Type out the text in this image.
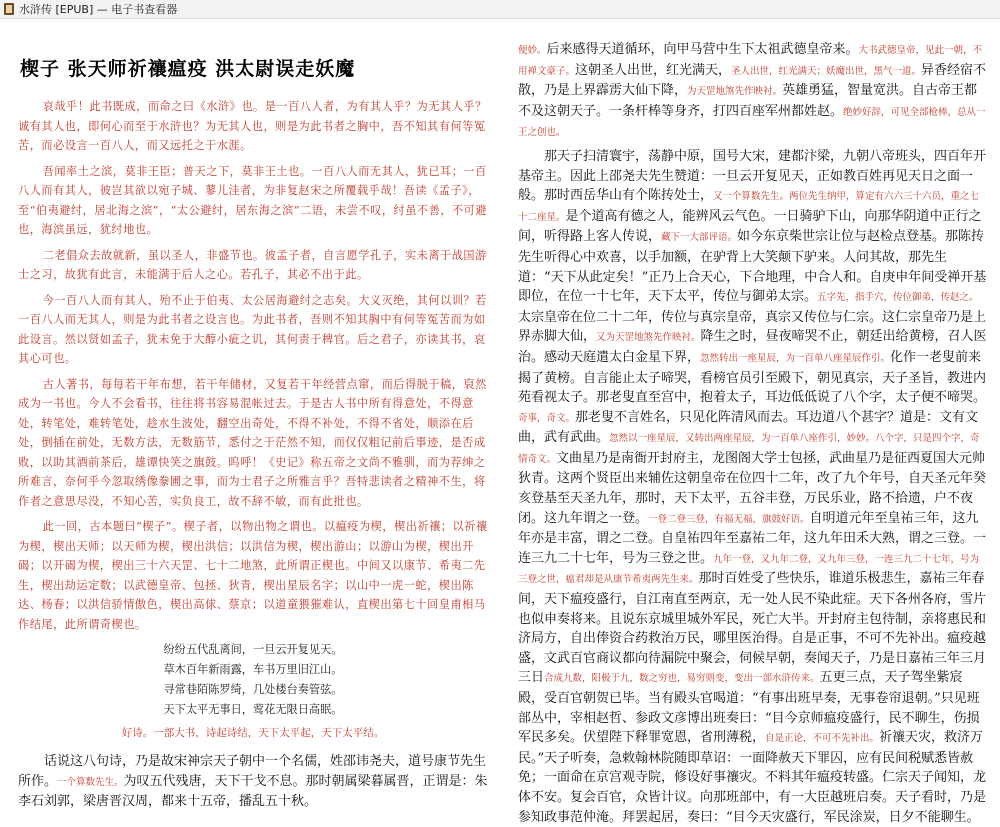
水浒传 [EPUB] — 电子书查看器
楔子 张天师祈禳瘟疫 洪太尉误走妖魔

哀哉乎！此书既成，而命之曰《水浒》也。是一百八人者，为有其人乎？为无其人乎？诚有其人也，即何心而至于水浒也？为无其人也，则是为此书者之胸中，吾不知其有何等冤苦，而必设言一百八人，而又远托之于水涯。

吾闻率土之滨，莫非王臣；普天之下，莫非王土也。一百八人而无其人，犹已耳；一百八人而有其人，彼岂其欲以宛子城、蓼儿洼者，为非复赵宋之所覆载乎哉！吾读《孟子》，至“伯夷避纣，居北海之滨”，“太公避纣，居东海之滨”二语，未尝不叹，纣虽不善，不可避也，海滨虽远，犹纣地也。

二老倡众去故就新，虽以圣人，非盛节也。彼孟子者，自言愿学孔子，实未离于战国游士之习，故犹有此言，未能满于后人之心。若孔子，其必不出于此。

今一百八人而有其人，殆不止于伯夷、太公居海避纣之志矣。大义灭绝，其何以训？若一百八人而无其人，则是为此书者之设言也。为此书者，吾则不知其胸中有何等冤苦而为如此设言。然以贤如孟子，犹未免于大醇小疵之讥，其何责于稗官。后之君子，亦读其书，哀其心可也。

古人著书，每每若干年布想，若干年储材，又复若干年经营点窜，而后得脱于稿，裒然成为一书也。今人不会看书，往往将书容易混帐过去。于是古人书中所有得意处，不得意处，转笔处，难转笔处，趁水生波处，翻空出奇处，不得不补处，不得不省处，顺添在后处，倒插在前处，无数方法，无数筋节，悉付之于茫然不知，而仅仅粗记前后事迹，是否成败，以助其酒前茶后，雄谭快笑之旗鼓。呜呼！《史记》称五帝之文尚不雅驯，而为荐绅之所难言，奈何乎今忽取绣像豢圃之事，而为士君子之所雅言乎？吾特悲读者之精神不生，将作者之意思尽没，不知心苦，实负良工，故不辞不敏，而有此批也。

此一回，古本题曰“楔子”。楔子者，以物出物之谓也。以瘟疫为楔，楔出祈禳；以祈禳为楔，楔出天师；以天师为楔，楔出洪信；以洪信为楔，楔出游山；以游山为楔，楔出开碣；以开碣为楔，楔出三十六天罡、七十二地煞，此所谓正楔也。中间又以康节、希夷二先生，楔出劫运定数；以武德皇帝、包拯、狄青，楔出星辰名字；以山中一虎一蛇，楔出陈达、杨春；以洪信骄情傲色，楔出高俅、蔡京；以道童猥獕难认，直楔出第七十回皇甫相马作结尾，此所谓奇楔也。

纷纷五代乱离间，一旦云开复见天。

草木百年新雨露，车书万里旧江山。

寻常巷陌陈罗绮，几处楼台奏管弦。

天下太平无事日，莺花无限日高眠。

好诗。一部大书，诗起诗结，天下太平起，天下太平结。

话说这八句诗，乃是故宋神宗天子朝中一个名儒，姓邵讳尧夫，道号康节先生所作。一个算数先生。为叹五代残唐，天下干戈不息。那时朝属梁暮属晋，正谓是：朱李石刘郭，梁唐晋汉周，都来十五帝，播乱五十秋。

便妙。后来感得天道循环，向甲马营中生下太祖武德皇帝来。大书武德皇帝，见此一朝，不用禅文豪子。这朝圣人出世，红光满天，圣人出世，红光满天；妖魔出世，黑气一道。异香经宿不散，乃是上界霹雳大仙下降，为天罡地煞先作映衬。英雄勇猛，智量宽洪。自古帝王都不及这朝天子。一条杆棒等身齐，打四百座军州都姓赵。绝妙好辞，可见全部枪棒，总从一王之创也。

那天子扫清寰宇，荡静中原，国号大宋，建都汴梁，九朝八帝班头，四百年开基帝主。因此上邵尧夫先生赞道：一旦云开复见天，正如教百姓再见天日之面一般。那时西岳华山有个陈抟处士，又一个算数先生。两位先生纳甲，算定有六六三十六员，重之七十二座星。是个道高有德之人，能辨风云气色。一日骑驴下山，向那华阴道中正行之间，听得路上客人传说，藏下一大部评语。如今东京柴世宗让位与赵检点登基。那陈抟先生听得心中欢喜，以手加额，在驴背上大笑颠下驴来。人问其故，那先生道：“天下从此定矣！”正乃上合天心，下合地理，中合人和。自庚申年间受禅开基即位，在位一十七年，天下太平，传位与御弟太宗。五字先，指手穴，传位御弟，传赵之。太宗皇帝在位二十二年，传位与真宗皇帝，真宗又传位与仁宗。这仁宗皇帝乃是上界赤脚大仙，又为天罡地煞先作映衬。降生之时，昼夜啼哭不止，朝廷出给黄榜，召人医治。感动天庭遣太白金星下界，忽然转出一座星辰，为一百单八座星辰作引。化作一老叟前来揭了黄榜。自言能止太子啼哭，看榜官员引至殿下，朝见真宗，天子圣旨，教进内苑看视太子。那老叟直至宫中，抱着太子，耳边低低说了八个字，太子便不啼哭。奇事，奇文。那老叟不言姓名，只见化阵清风而去。耳边道八个甚字？道是：文有文曲，武有武曲。忽然以一座星辰，又转出两座星辰，为一百单八座作引，妙妙。八个字，只是四个字，奇情奇文。文曲星乃是南衙开封府主，龙图阁大学士包拯，武曲星乃是征西夏国大元帅狄青。这两个贤臣出来辅佐这朝皇帝在位四十二年，改了九个年号，自天圣元年癸亥登基至天圣九年，那时，天下太平，五谷丰登，万民乐业，路不拾遗，户不夜闭。这九年谓之一登。一登二登三登，有福无福，旗鼓好语。自明道元年至皇祐三年，这九年亦是丰富，谓之二登。自皇祐四年至嘉祐二年，这九年田禾大熟，谓之三登。一连三九二十七年，号为三登之世。九年一登，又九年二登，又九年三登，一连三九二十七年，号为三登之世，瘟君却是从康节希夷两先生来。那时百姓受了些快乐，谁道乐极悲生，嘉祐三年春间，天下瘟疫盛行，自江南直至两京，无一处人民不染此症。天下各州各府，雪片也似申奏将来。且说东京城里城外军民，死亡大半。开封府主包待制，亲将惠民和济局方，自出俸资合药救治万民，哪里医治得。自是正事，不可不先补出。瘟疫越盛，文武百官商议都向待漏院中聚会，伺候早朝，奏闻天子，乃是日嘉祐三年三月三日合成九数，阳极于九，数之穷也，易穷则变，变出一部水浒传来。五更三点，天子驾坐紫宸殿，受百官朝贺已毕。当有殿头官喝道：“有事出班早奏，无事卷帘退朝。”只见班部丛中，宰相赵哲、参政文彦博出班奏曰：“目今京师瘟疫盛行，民不聊生，伤损军民多矣。伏望陛下释罪宽恩，省刑薄税，自是正论，不可不先补出。祈禳天灾，救济万民。”天子听奏，急敕翰林院随即草诏：一面降赦天下罪囚，应有民间税赋悉皆赦免；一面命在京宫观寺院，修设好事禳灾。不料其年瘟疫转盛。仁宗天子闻知，龙体不安。复会百官，众皆计议。向那班部中，有一大臣越班启奏。天子看时，乃是参知政事范仲淹。拜罢起居，奏曰：“目今天灾盛行，军民涂炭，日夕不能聊生。
